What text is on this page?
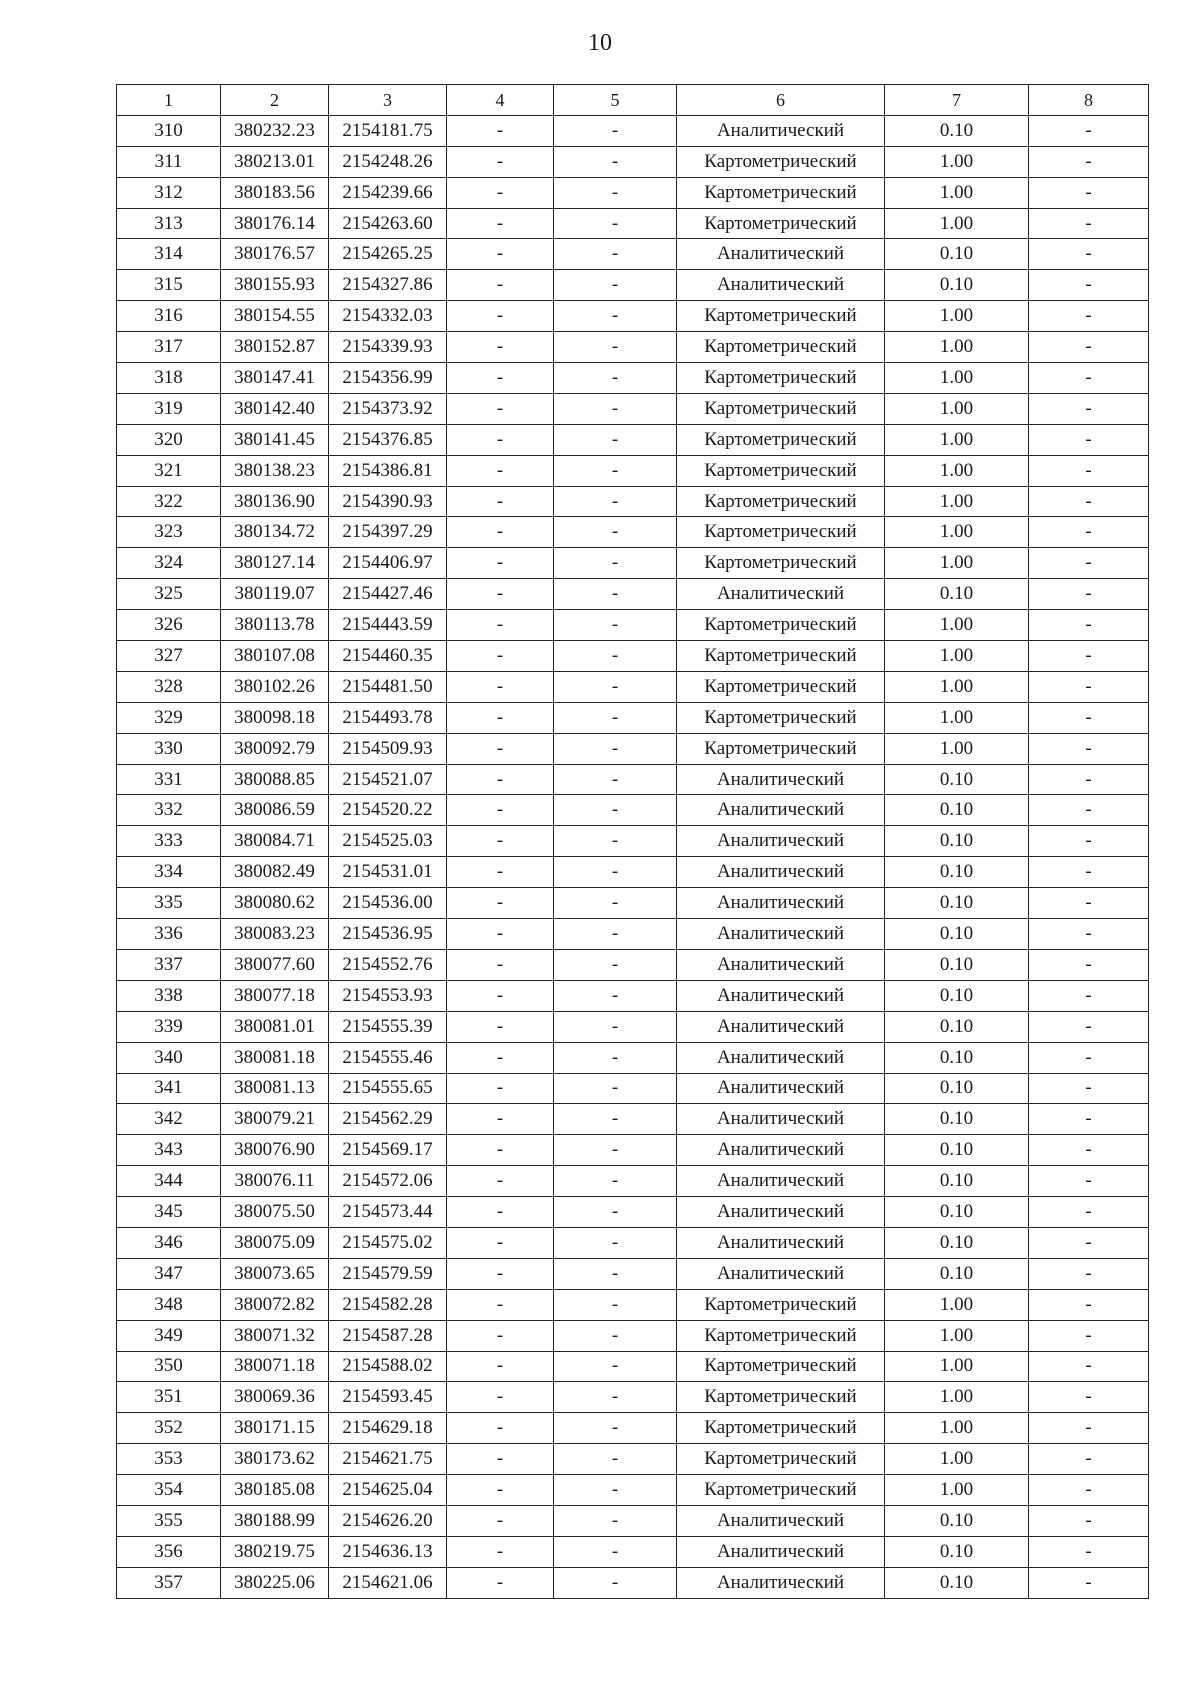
10
1	2	3	4	5	6	7	8
310	380232.23	2154181.75	-	-	Аналитический	0.10	-
311	380213.01	2154248.26	-	-	Картометрический	1.00	-
312	380183.56	2154239.66	-	-	Картометрический	1.00	-
313	380176.14	2154263.60	-	-	Картометрический	1.00	-
314	380176.57	2154265.25	-	-	Аналитический	0.10	-
315	380155.93	2154327.86	-	-	Аналитический	0.10	-
316	380154.55	2154332.03	-	-	Картометрический	1.00	-
317	380152.87	2154339.93	-	-	Картометрический	1.00	-
318	380147.41	2154356.99	-	-	Картометрический	1.00	-
319	380142.40	2154373.92	-	-	Картометрический	1.00	-
320	380141.45	2154376.85	-	-	Картометрический	1.00	-
321	380138.23	2154386.81	-	-	Картометрический	1.00	-
322	380136.90	2154390.93	-	-	Картометрический	1.00	-
323	380134.72	2154397.29	-	-	Картометрический	1.00	-
324	380127.14	2154406.97	-	-	Картометрический	1.00	-
325	380119.07	2154427.46	-	-	Аналитический	0.10	-
326	380113.78	2154443.59	-	-	Картометрический	1.00	-
327	380107.08	2154460.35	-	-	Картометрический	1.00	-
328	380102.26	2154481.50	-	-	Картометрический	1.00	-
329	380098.18	2154493.78	-	-	Картометрический	1.00	-
330	380092.79	2154509.93	-	-	Картометрический	1.00	-
331	380088.85	2154521.07	-	-	Аналитический	0.10	-
332	380086.59	2154520.22	-	-	Аналитический	0.10	-
333	380084.71	2154525.03	-	-	Аналитический	0.10	-
334	380082.49	2154531.01	-	-	Аналитический	0.10	-
335	380080.62	2154536.00	-	-	Аналитический	0.10	-
336	380083.23	2154536.95	-	-	Аналитический	0.10	-
337	380077.60	2154552.76	-	-	Аналитический	0.10	-
338	380077.18	2154553.93	-	-	Аналитический	0.10	-
339	380081.01	2154555.39	-	-	Аналитический	0.10	-
340	380081.18	2154555.46	-	-	Аналитический	0.10	-
341	380081.13	2154555.65	-	-	Аналитический	0.10	-
342	380079.21	2154562.29	-	-	Аналитический	0.10	-
343	380076.90	2154569.17	-	-	Аналитический	0.10	-
344	380076.11	2154572.06	-	-	Аналитический	0.10	-
345	380075.50	2154573.44	-	-	Аналитический	0.10	-
346	380075.09	2154575.02	-	-	Аналитический	0.10	-
347	380073.65	2154579.59	-	-	Аналитический	0.10	-
348	380072.82	2154582.28	-	-	Картометрический	1.00	-
349	380071.32	2154587.28	-	-	Картометрический	1.00	-
350	380071.18	2154588.02	-	-	Картометрический	1.00	-
351	380069.36	2154593.45	-	-	Картометрический	1.00	-
352	380171.15	2154629.18	-	-	Картометрический	1.00	-
353	380173.62	2154621.75	-	-	Картометрический	1.00	-
354	380185.08	2154625.04	-	-	Картометрический	1.00	-
355	380188.99	2154626.20	-	-	Аналитический	0.10	-
356	380219.75	2154636.13	-	-	Аналитический	0.10	-
357	380225.06	2154621.06	-	-	Аналитический	0.10	-
